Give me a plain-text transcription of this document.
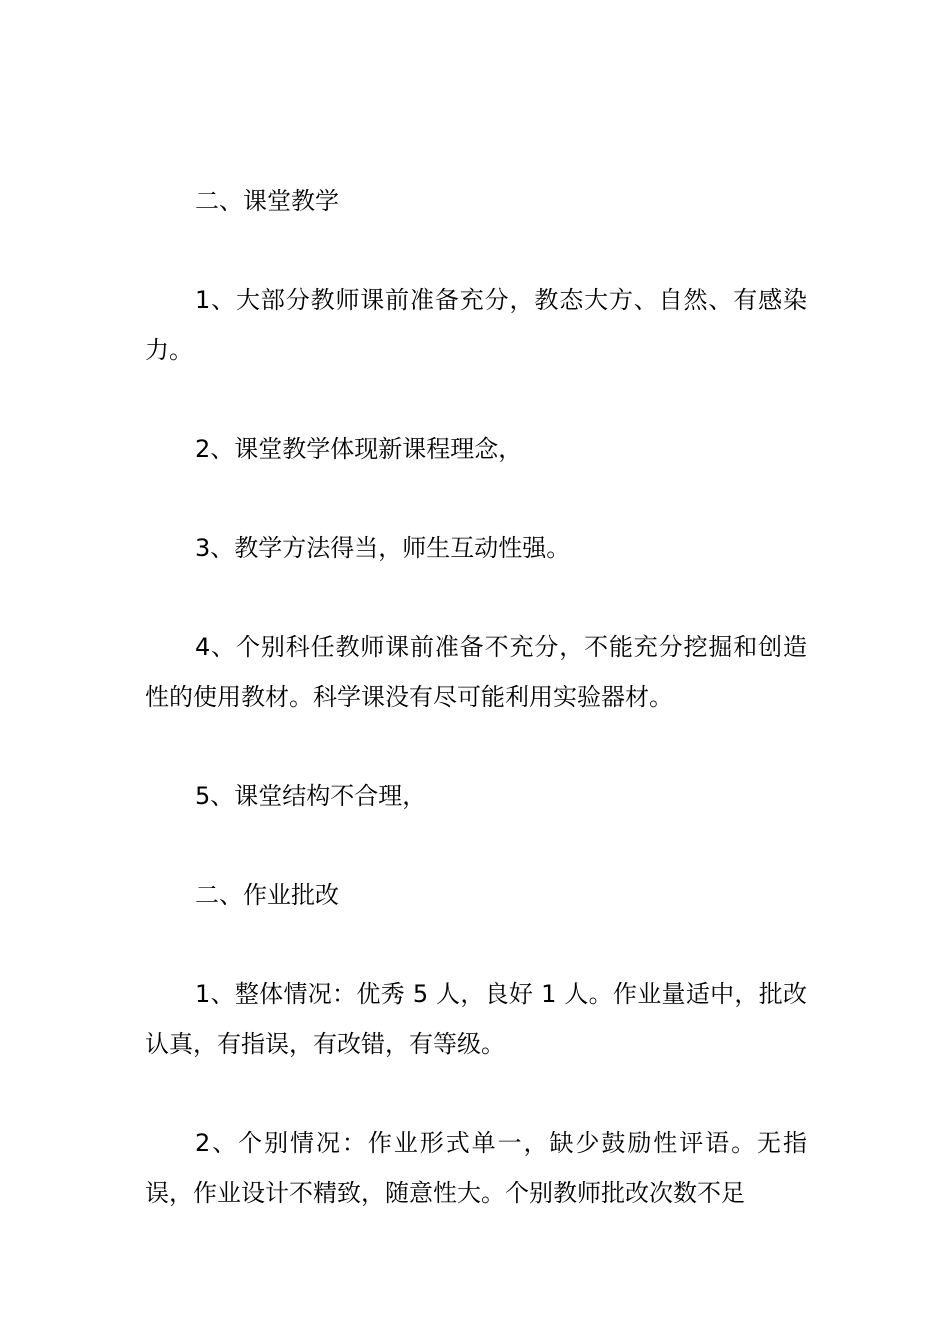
二、课堂教学

1、大部分教师课前准备充分，教态大方、自然、有感染力。

2、课堂教学体现新课程理念，

3、教学方法得当，师生互动性强。

4、个别科任教师课前准备不充分，不能充分挖掘和创造性的使用教材。科学课没有尽可能利用实验器材。

5、课堂结构不合理，

二、作业批改

1、整体情况：优秀 5 人，良好 1 人。作业量适中，批改认真，有指误，有改错，有等级。

2、个别情况：作业形式单一，缺少鼓励性评语。无指误，作业设计不精致，随意性大。个别教师批改次数不足
